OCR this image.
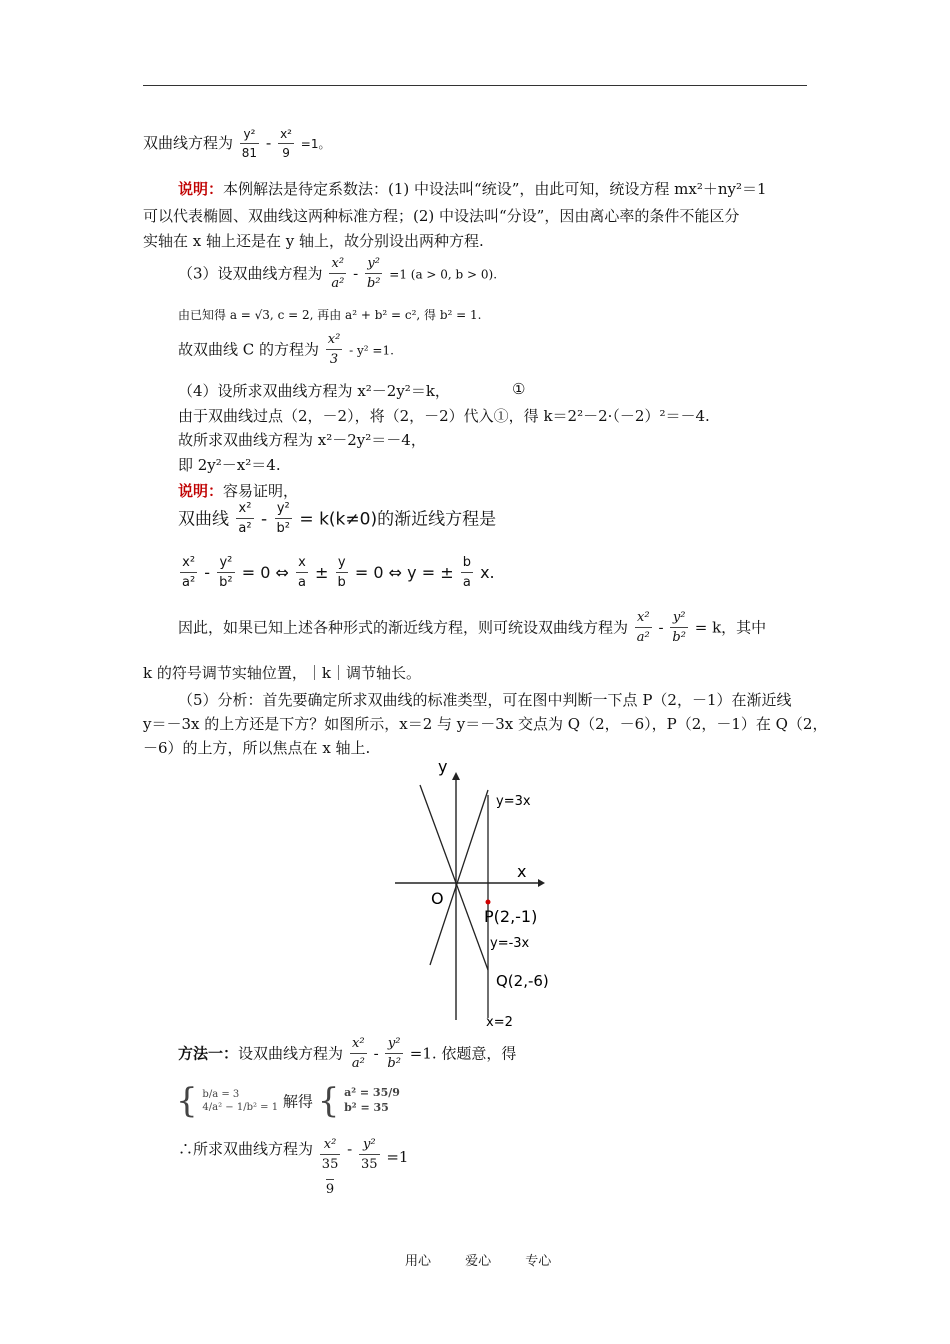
双曲线方程为 $\frac{\text{y²}}{81} - \frac{\text{x²}}{9} =1$。
说明：本例解法是待定系数法：(1) 中设法叫“统设”，由此可知，统设方程 mx²＋ny²＝1
可以代表椭圆、双曲线这两种标准方程；(2) 中设法叫“分设”，因由离心率的条件不能区分
实轴在 x 轴上还是在 y 轴上，故分别设出两种方程.
（3）设双曲线方程为 $\frac{\text{x²}}{\text{a²}} - \frac{\text{y²}}{\text{b²}} =1$ (a > 0, b > 0).
由已知得 a = √3, c = 2, 再由 a² + b² = c², 得 b² = 1.
故双曲线 C 的方程为 $\frac{\text{x²}}{3} - y^2 =1$.
（4）设所求双曲线方程为 x²－2y²＝k，	①
由于双曲线过点（2，－2），将（2，－2）代入①，得 k＝2²－2·（－2）²＝－4.
故所求双曲线方程为 x²－2y²＝－4，
即 2y²－x²＝4.
说明：容易证明，
双曲线 $\frac{\text{x²}}{\text{a²}} - \frac{\text{y²}}{\text{b²}} = k(k\ne 0)$的渐近线方程是
$\frac{\text{x²}}{\text{a²}} - \frac{\text{y²}}{\text{b²}} = 0$ ⇔ $\frac{x}{a} \pm \frac{y}{b} = 0$ ⇔ y = ± $\frac{b}{a} x$.
因此，如果已知上述各种形式的渐近线方程，则可统设双曲线方程为 $\frac{\text{x²}}{\text{a²}} - \frac{\text{y²}}{\text{b²}} = k$，其中
k 的符号调节实轴位置，｜k｜调节轴长。
（5）分析：首先要确定所求双曲线的标准类型，可在图中判断一下点 P（2，－1）在渐近线
y＝－3x 的上方还是下方？如图所示，x＝2 与 y＝－3x 交点为 Q（2，－6），P（2，－1）在 Q（2，
－6）的上方，所以焦点在 x 轴上.
y
x
O
y=3x
P(2,-1)
y=-3x
Q(2,-6)
x=2
方法一：设双曲线方程为 $\frac{\text{x²}}{\text{a²}} - \frac{\text{y²}}{\text{b²}} =1$. 依题意，得
{ b/a = 3
4/a² − 1/b² = 1 解得 { a² = 35/9
b² = 35
∴所求双曲线方程为 x²
35
9
- $\frac{\text{y²}}{35} =1$
用心	爱心	专心
